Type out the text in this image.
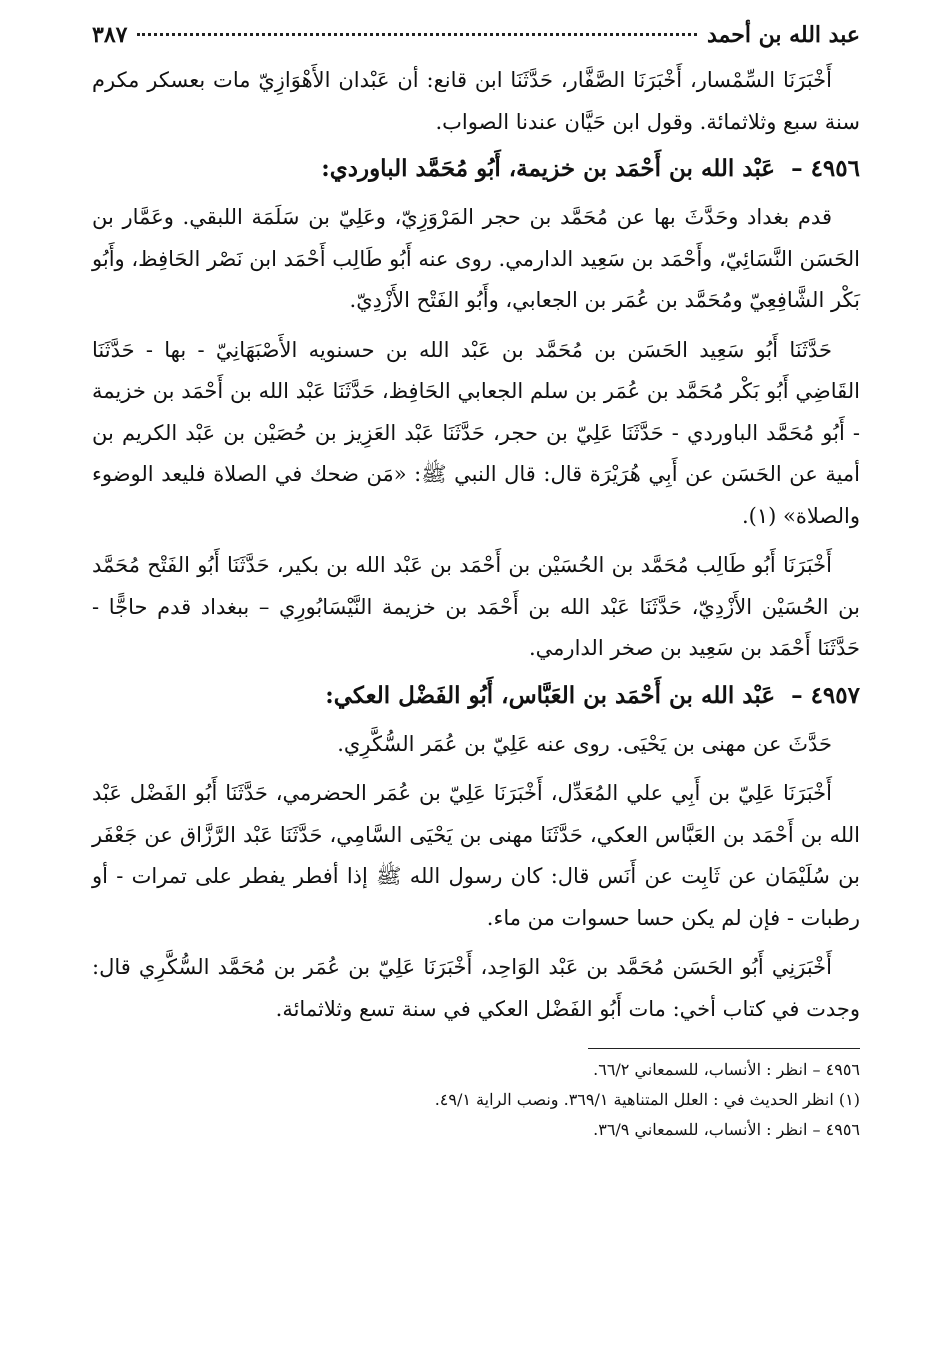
عبد الله بن أحمد
٣٨٧

أَخْبَرَنَا السِّمْسار، أَخْبَرَنَا الصَّفَّار، حَدَّثَنَا ابن قانع: أن عَبْدان الأَهْوَازِيّ مات بعسكر مكرم سنة سبع وثلاثمائة. وقول ابن حَيَّان عندنا الصواب.

٤٩٥٦ – عَبْد الله بن أَحْمَد بن خزيمة، أَبُو مُحَمَّد الباوردي:

قدم بغداد وحَدَّثَ بها عن مُحَمَّد بن حجر المَرْوَزِيّ، وعَلِيّ بن سَلَمَة اللبقي. وعَمَّار بن الحَسَن النَّسَائِيّ، وأَحْمَد بن سَعِيد الدارمي. روى عنه أَبُو طَالِب أَحْمَد ابن نَصْر الحَافِظ، وأَبُو بَكْر الشَّافِعِيّ ومُحَمَّد بن عُمَر بن الجعابي، وأَبُو الفَتْح الأَزْدِيّ.

حَدَّثَنَا أَبُو سَعِيد الحَسَن بن مُحَمَّد بن عَبْد الله بن حسنويه الأَصْبَهَانِيّ - بها - حَدَّثَنَا القَاضِي أَبُو بَكْر مُحَمَّد بن عُمَر بن سلم الجعابي الحَافِظ، حَدَّثَنَا عَبْد الله بن أَحْمَد بن خزيمة - أَبُو مُحَمَّد الباوردي - حَدَّثَنَا عَلِيّ بن حجر، حَدَّثَنَا عَبْد العَزِيز بن حُصَيْن بن عَبْد الكريم بن أمية عن الحَسَن عن أَبِي هُرَيْرَة قال: قال النبي ﷺ: «مَن ضحك في الصلاة فليعد الوضوء والصلاة» (١).

أَخْبَرَنَا أَبُو طَالِب مُحَمَّد بن الحُسَيْن بن أَحْمَد بن عَبْد الله بن بكير، حَدَّثَنَا أَبُو الفَتْح مُحَمَّد بن الحُسَيْن الأَزْدِيّ، حَدَّثَنَا عَبْد الله بن أَحْمَد بن خزيمة النَّيْسَابُورِي – ببغداد قدم حاجًّا - حَدَّثَنَا أَحْمَد بن سَعِيد بن صخر الدارمي.

٤٩٥٧ – عَبْد الله بن أَحْمَد بن العَبَّاس، أَبُو الفَضْل العكي:

حَدَّثَ عن مهنى بن يَحْيَى. روى عنه عَلِيّ بن عُمَر السُّكَّرِي.

أَخْبَرَنَا عَلِيّ بن أَبِي علي المُعَدِّل، أَخْبَرَنَا عَلِيّ بن عُمَر الحضرمي، حَدَّثَنَا أَبُو الفَضْل عَبْد الله بن أَحْمَد بن العَبَّاس العكي، حَدَّثَنَا مهنى بن يَحْيَى السَّامِي، حَدَّثَنَا عَبْد الرَّزَّاق عن جَعْفَر بن سُلَيْمَان عن ثَابِت عن أَنَس قال: كان رسول الله ﷺ إذا أفطر يفطر على تمرات - أو رطبات - فإن لم يكن حسا حسوات من ماء.

أَخْبَرَنِي أَبُو الحَسَن مُحَمَّد بن عَبْد الوَاحِد، أَخْبَرَنَا عَلِيّ بن عُمَر بن مُحَمَّد السُّكَّرِي قال: وجدت في كتاب أخي: مات أَبُو الفَضْل العكي في سنة تسع وثلاثمائة.

٤٩٥٦ – انظر : الأنساب، للسمعاني ٦٦/٢.
(١) انظر الحديث في : العلل المتناهية ٣٦٩/١. ونصب الراية ٤٩/١.
٤٩٥٦ – انظر : الأنساب، للسمعاني ٣٦/٩.
